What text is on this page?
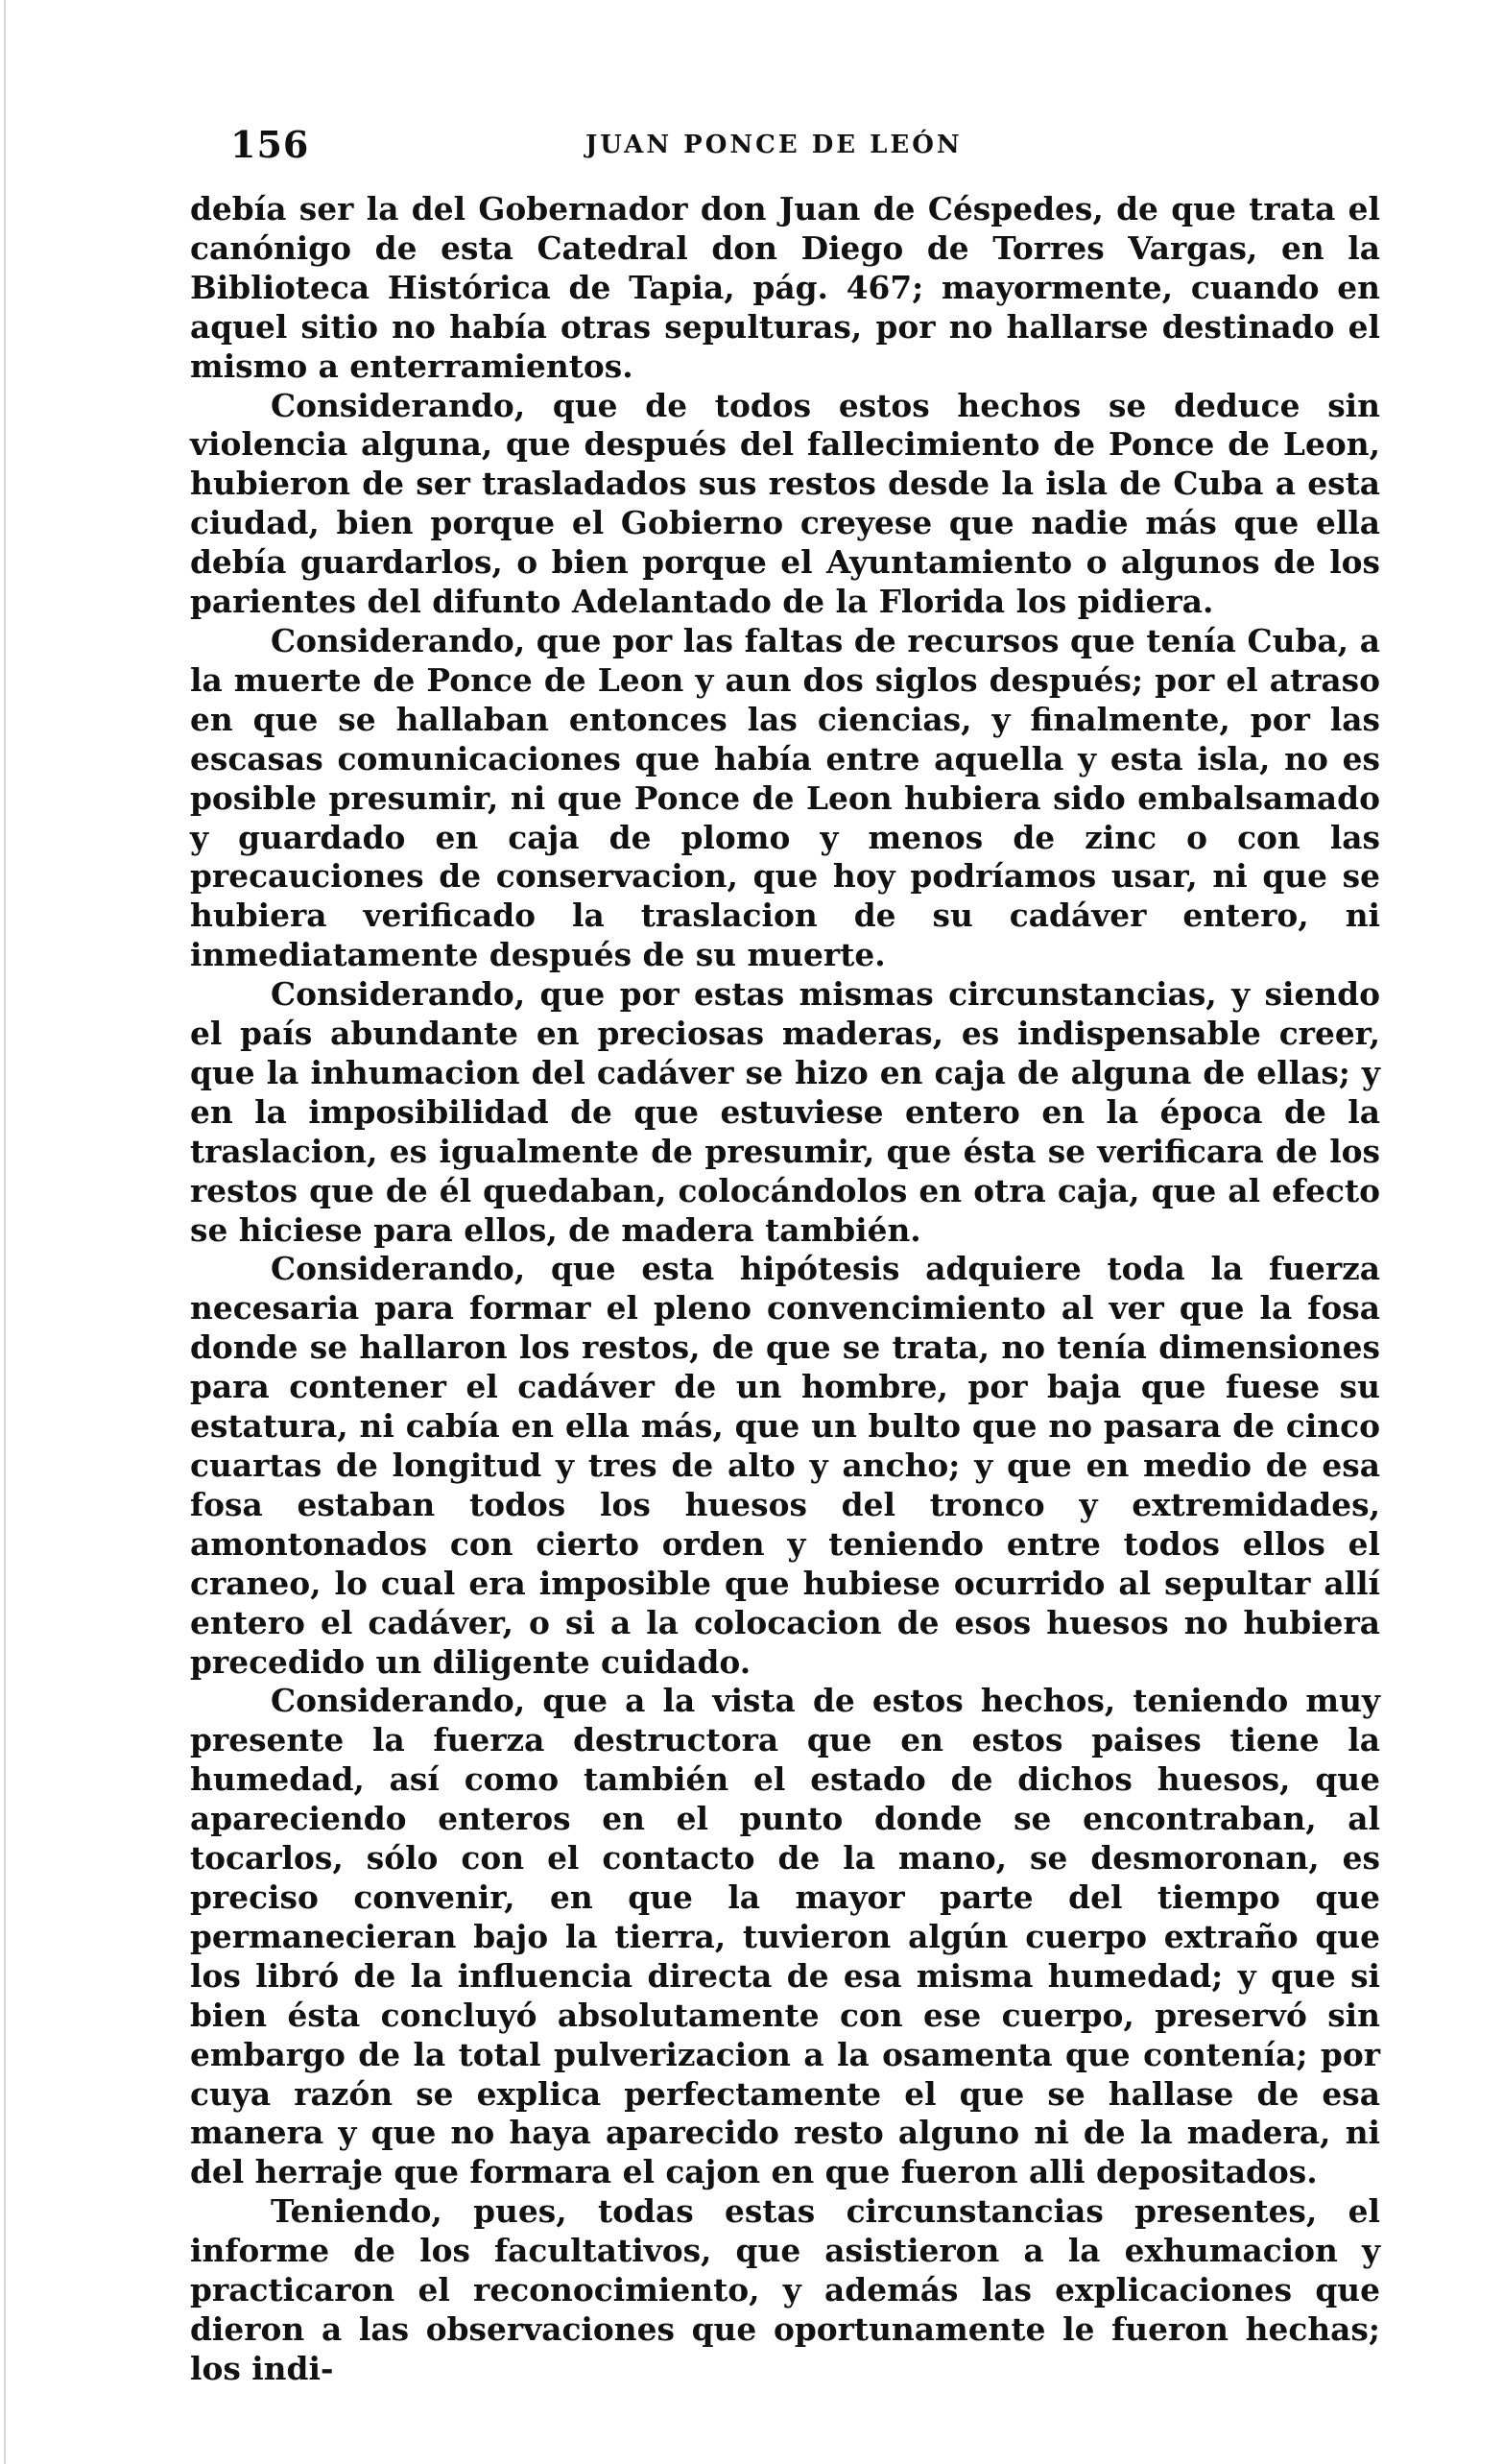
156	JUAN PONCE DE LEÓN

debía ser la del Gobernador don Juan de Céspedes, de que trata el canónigo de esta Catedral don Diego de Torres Vargas, en la Biblioteca Histórica de Tapia, pág. 467; mayormente, cuando en aquel sitio no había otras sepulturas, por no hallarse destinado el mismo a enterramientos.

Considerando, que de todos estos hechos se deduce sin violencia alguna, que después del fallecimiento de Ponce de Leon, hubieron de ser trasladados sus restos desde la isla de Cuba a esta ciudad, bien porque el Gobierno creyese que nadie más que ella debía guardarlos, o bien porque el Ayuntamiento o algunos de los parientes del difunto Adelantado de la Florida los pidiera.

Considerando, que por las faltas de recursos que tenía Cuba, a la muerte de Ponce de Leon y aun dos siglos después; por el atraso en que se hallaban entonces las ciencias, y finalmente, por las escasas comunicaciones que había entre aquella y esta isla, no es posible presumir, ni que Ponce de Leon hubiera sido embalsamado y guardado en caja de plomo y menos de zinc o con las precauciones de conservacion, que hoy podríamos usar, ni que se hubiera verificado la traslacion de su cadáver entero, ni inmediatamente después de su muerte.

Considerando, que por estas mismas circunstancias, y siendo el país abundante en preciosas maderas, es indispensable creer, que la inhumacion del cadáver se hizo en caja de alguna de ellas; y en la imposibilidad de que estuviese entero en la época de la traslacion, es igualmente de presumir, que ésta se verificara de los restos que de él quedaban, colocándolos en otra caja, que al efecto se hiciese para ellos, de madera también.

Considerando, que esta hipótesis adquiere toda la fuerza necesaria para formar el pleno convencimiento al ver que la fosa donde se hallaron los restos, de que se trata, no tenía dimensiones para contener el cadáver de un hombre, por baja que fuese su estatura, ni cabía en ella más, que un bulto que no pasara de cinco cuartas de longitud y tres de alto y ancho; y que en medio de esa fosa estaban todos los huesos del tronco y extremidades, amontonados con cierto orden y teniendo entre todos ellos el craneo, lo cual era imposible que hubiese ocurrido al sepultar allí entero el cadáver, o si a la colocacion de esos huesos no hubiera precedido un diligente cuidado.

Considerando, que a la vista de estos hechos, teniendo muy presente la fuerza destructora que en estos paises tiene la humedad, así como también el estado de dichos huesos, que apareciendo enteros en el punto donde se encontraban, al tocarlos, sólo con el contacto de la mano, se desmoronan, es preciso convenir, en que la mayor parte del tiempo que permanecieran bajo la tierra, tuvieron algún cuerpo extraño que los libró de la influencia directa de esa misma humedad; y que si bien ésta concluyó absolutamente con ese cuerpo, preservó sin embargo de la total pulverizacion a la osamenta que contenía; por cuya razón se explica perfectamente el que se hallase de esa manera y que no haya aparecido resto alguno ni de la madera, ni del herraje que formara el cajon en que fueron alli depositados.

Teniendo, pues, todas estas circunstancias presentes, el informe de los facultativos, que asistieron a la exhumacion y practicaron el reconocimiento, y además las explicaciones que dieron a las observaciones que oportunamente le fueron hechas; los indi-
